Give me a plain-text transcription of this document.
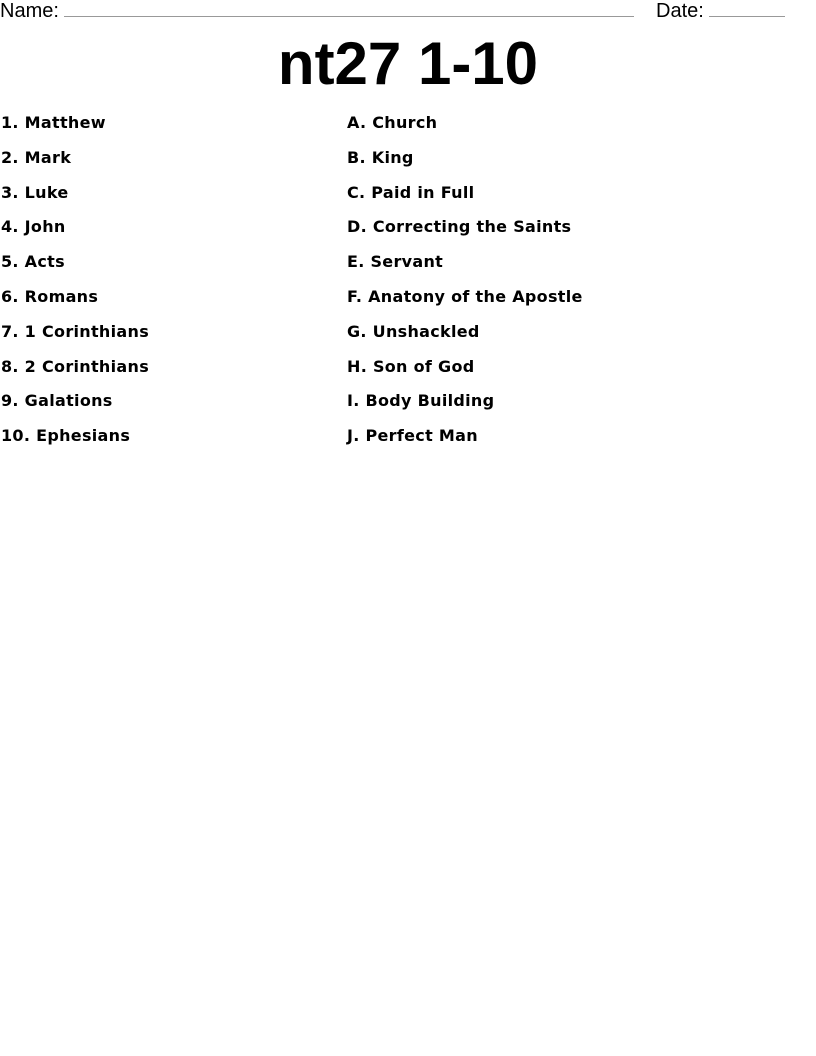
Name:	Date:
nt27 1-10
1. Matthew
2. Mark
3. Luke
4. John
5. Acts
6. Romans
7. 1 Corinthians
8. 2 Corinthians
9. Galations
10. Ephesians
A. Church
B. King
C. Paid in Full
D. Correcting the Saints
E. Servant
F. Anatony of the Apostle
G. Unshackled
H. Son of God
I. Body Building
J. Perfect Man
